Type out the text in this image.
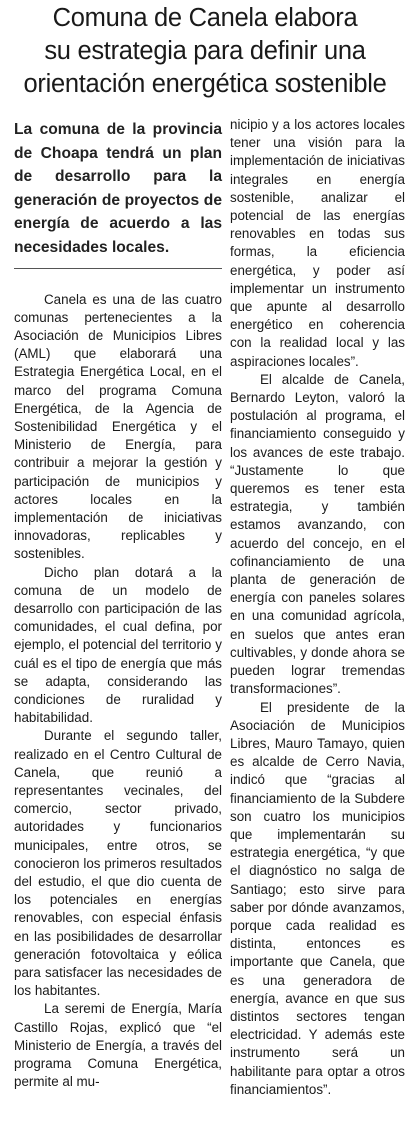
Comuna de Canela elabora
su estrategia para definir una
orientación energética sostenible

La comuna de la provincia de Choapa tendrá un plan de desarrollo para la generación de proyectos de energía de acuerdo a las necesidades locales.

Canela es una de las cuatro comunas pertenecientes a la Asociación de Municipios Libres (AML) que elaborará una Estrategia Energética Local, en el marco del programa Comuna Energética, de la Agencia de Sostenibilidad Energética y el Ministerio de Energía, para contribuir a mejorar la gestión y participación de municipios y actores locales en la implementación de iniciativas innovadoras, replicables y sostenibles.

Dicho plan dotará a la comuna de un modelo de desarrollo con participación de las comunidades, el cual defina, por ejemplo, el potencial del territorio y cuál es el tipo de energía que más se adapta, considerando las condiciones de ruralidad y habitabilidad.

Durante el segundo taller, realizado en el Centro Cultural de Canela, que reunió a representantes vecinales, del comercio, sector privado, autoridades y funcionarios municipales, entre otros, se conocieron los primeros resultados del estudio, el que dio cuenta de los potenciales en energías renovables, con especial énfasis en las posibilidades de desarrollar generación fotovoltaica y eólica para satisfacer las necesidades de los habitantes.

La seremi de Energía, María Castillo Rojas, explicó que “el Ministerio de Energía, a través del programa Comuna Energética, permite al mu-

nicipio y a los actores locales tener una visión para la implementación de iniciativas integrales en energía sostenible, analizar el potencial de las energías renovables en todas sus formas, la eficiencia energética, y poder así implementar un instrumento que apunte al desarrollo energético en coherencia con la realidad local y las aspiraciones locales”.

El alcalde de Canela, Bernardo Leyton, valoró la postulación al programa, el financiamiento conseguido y los avances de este trabajo. “Justamente lo que queremos es tener esta estrategia, y también estamos avanzando, con acuerdo del concejo, en el cofinanciamiento de una planta de generación de energía con paneles solares en una comunidad agrícola, en suelos que antes eran cultivables, y donde ahora se pueden lograr tremendas transformaciones”.

El presidente de la Asociación de Municipios Libres, Mauro Tamayo, quien es alcalde de Cerro Navia, indicó que “gracias al financiamiento de la Subdere son cuatro los municipios que implementarán su estrategia energética, “y que el diagnóstico no salga de Santiago; esto sirve para saber por dónde avanzamos, porque cada realidad es distinta, entonces es importante que Canela, que es una generadora de energía, avance en que sus distintos sectores tengan electricidad. Y además este instrumento será un habilitante para optar a otros financiamientos”.
